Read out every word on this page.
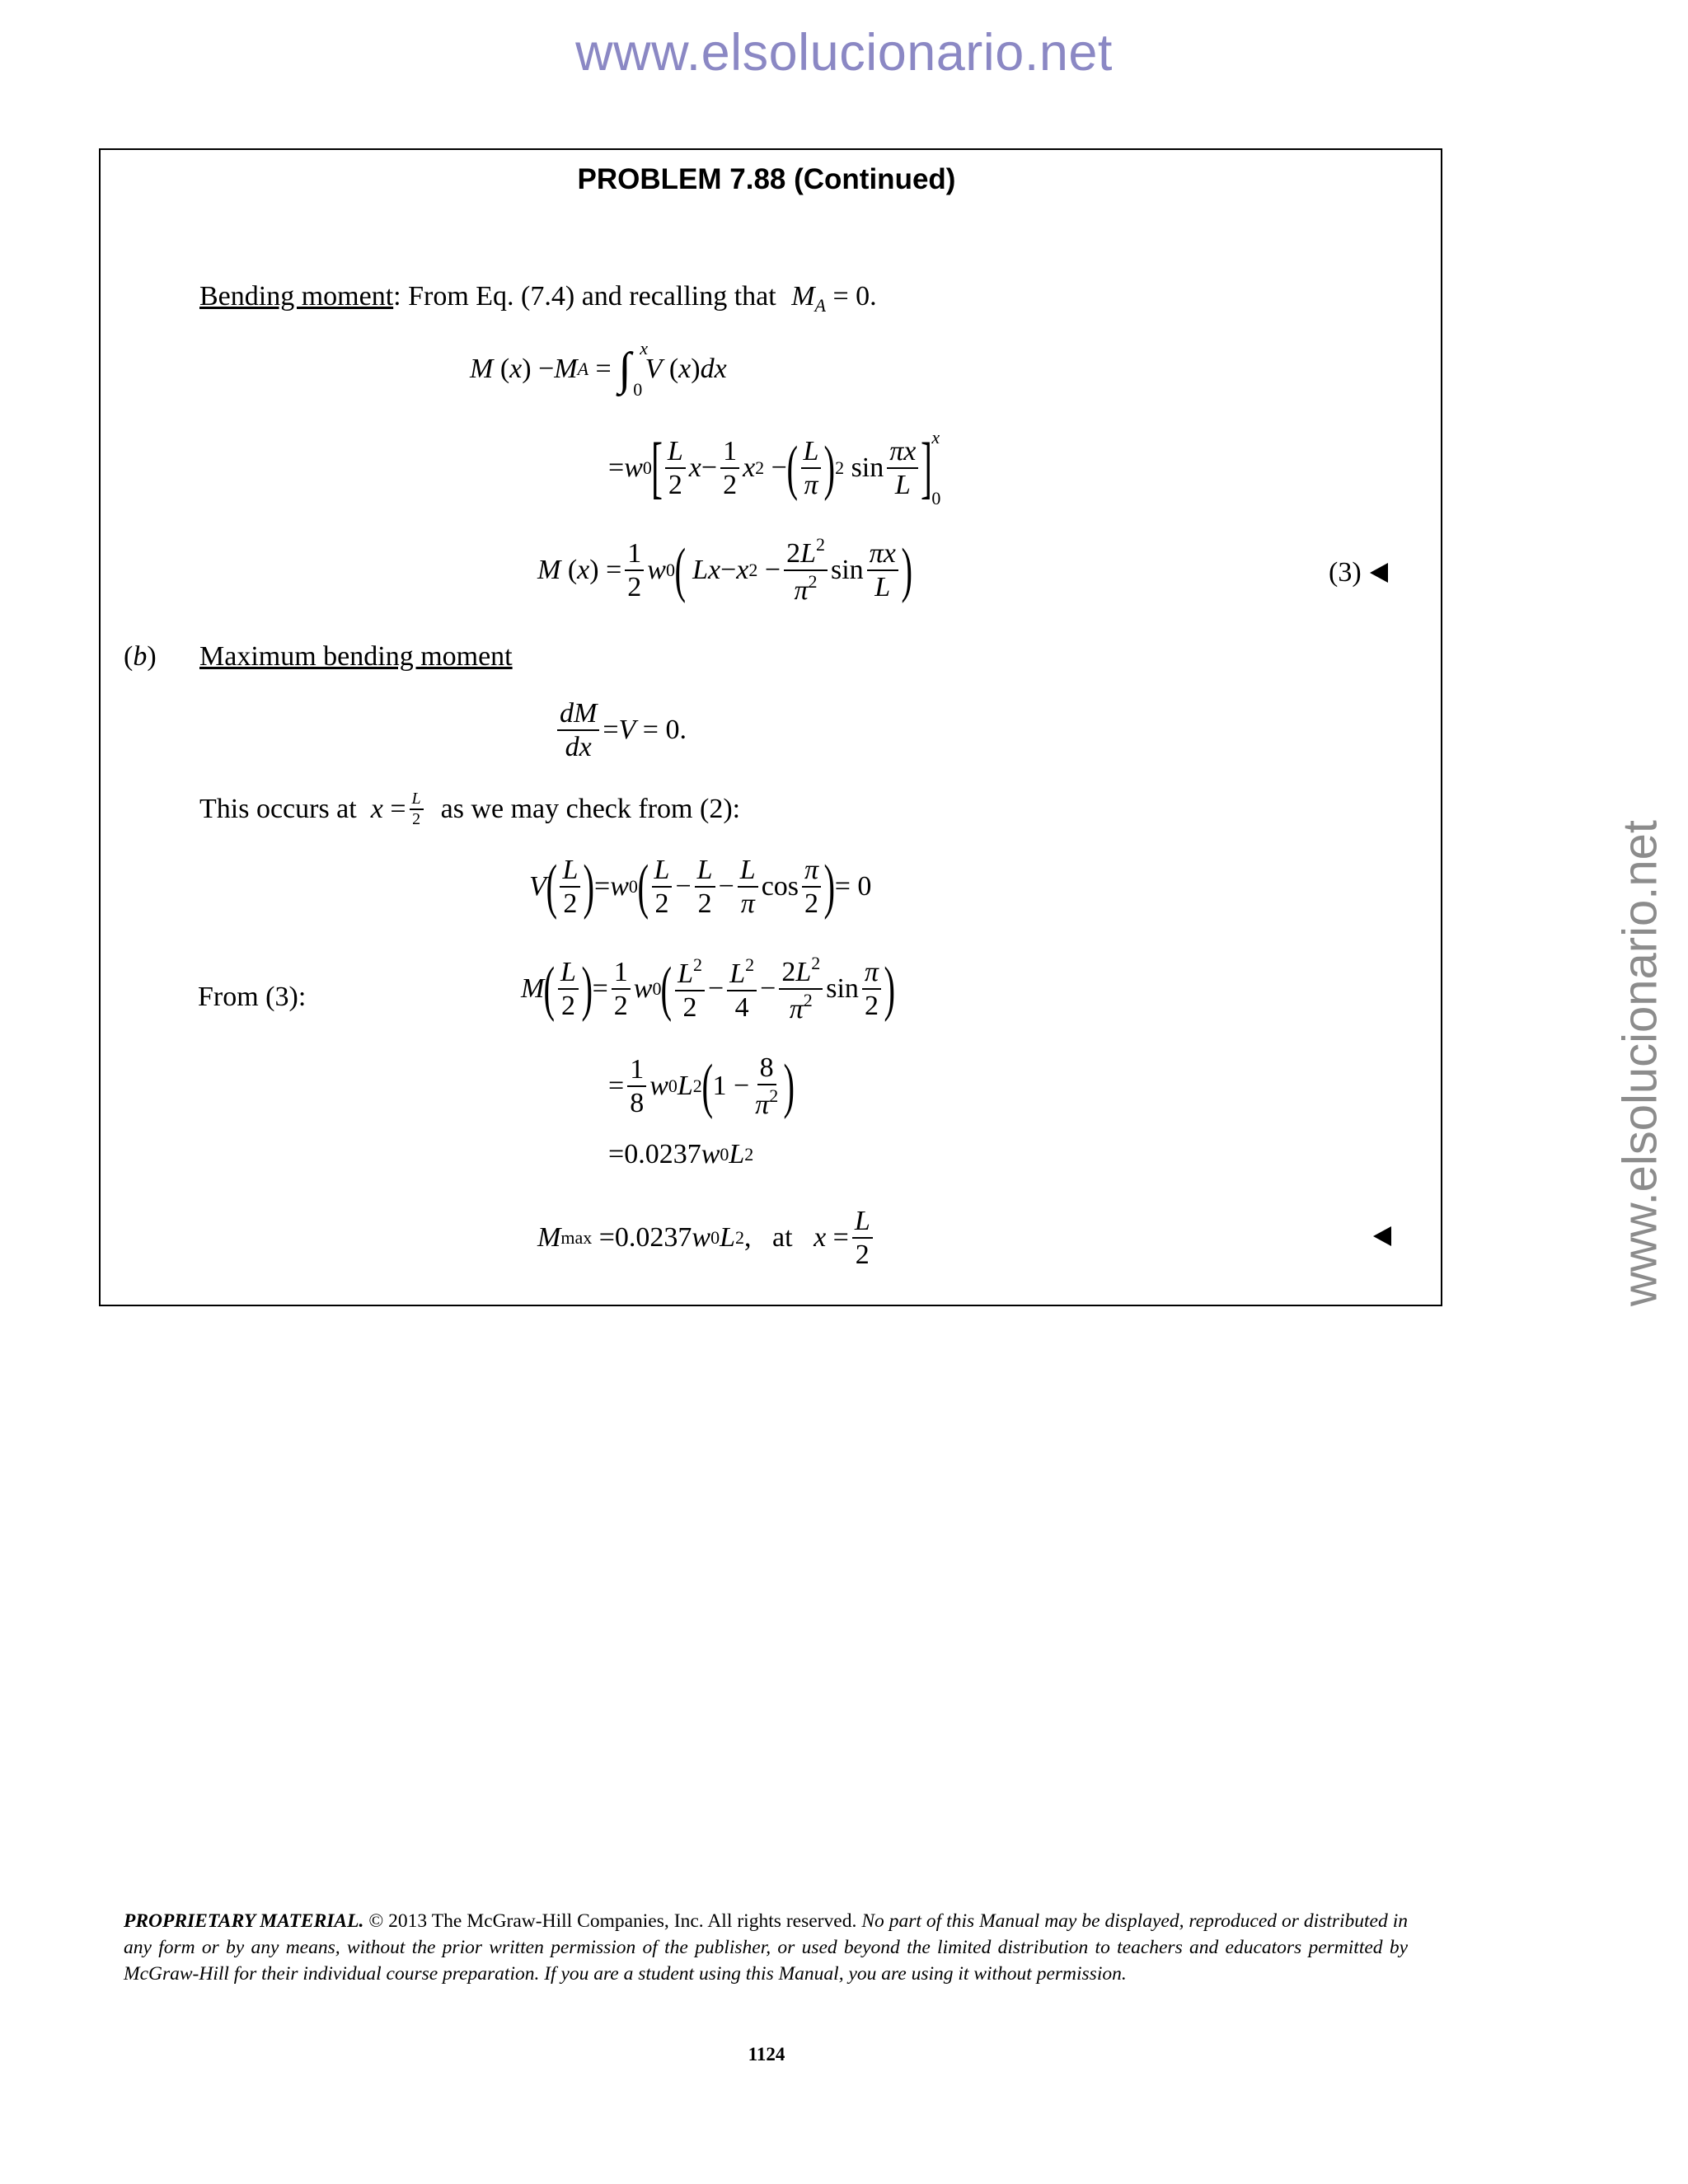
www.elsolucionario.net
www.elsolucionario.net
PROBLEM 7.88 (Continued)
Bending moment: From Eq. (7.4) and recalling that $M_A = 0$.
M ( x ) − M A = ∫ x
0

V ( x ) dx
= w 0
[ $\frac{L}{2}$ $x - \frac{1}{2}$ x 2 − ( $\frac{L}{\pi}$ ) 2 $\sin \frac{\pi x}{L}$ ]
x
0
M ( x ) = $\frac{1}{2}$ w 0 (
Lx − x $2 - \frac{2L^2}{\pi^2}$ $\sin \frac{\pi x}{L}$ )	(3)

(b) Maximum bending moment
$\frac{dM}{dx} = V = 0$.
This occurs at
$x = \frac{L}{2}$
as we may check from (2):
V ( $\frac{L}{2}$ ) = w 0 ( $\frac{L}{2} - \frac{L}{2} - \frac{L}{\pi}$ $\cos \frac{\pi}{2}$ ) = 0
From (3):	M ( $\frac{L}{2}$ ) = $\frac{1}{2}$ w 0 ( $\frac{L^2}{2} - \frac{L^2}{4} - \frac{2L^2}{\pi^2}$ $\sin \frac{\pi}{2}$ )
= $\frac{1}{8}$ w 0 L 2 ( $1 - \frac{8}{\pi^2}$ )
= 0.0237 w 0 L 2
M max = 0.0237 w 0 L 2 , at
$x = \frac{L}{2}$
PROPRIETARY MATERIAL. © 2013 The McGraw-Hill Companies, Inc. All rights reserved. No part of this Manual may be displayed, reproduced or distributed in any form or by any means, without the prior written permission of the publisher, or used beyond the limited distribution to teachers and educators permitted by McGraw-Hill for their individual course preparation. If you are a student using this Manual, you are using it without permission.
1124
